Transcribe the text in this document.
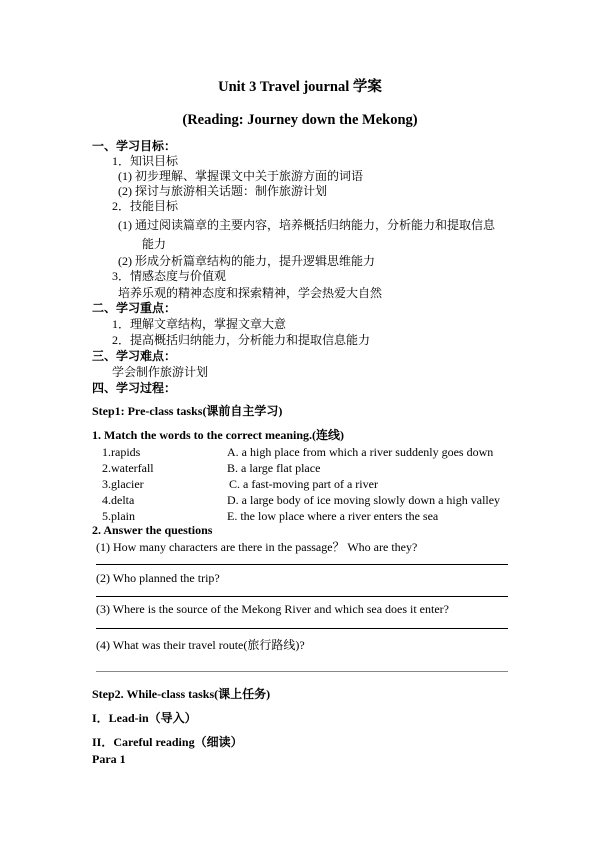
Unit 3 Travel journal 学案
(Reading: Journey down the Mekong)
一、学习目标：
1．知识目标
(1) 初步理解、掌握课文中关于旅游方面的词语
(2) 探讨与旅游相关话题：制作旅游计划
2．技能目标
(1) 通过阅读篇章的主要内容，培养概括归纳能力，分析能力和提取信息
能力
(2) 形成分析篇章结构的能力，提升逻辑思维能力
3．情感态度与价值观
培养乐观的精神态度和探索精神，学会热爱大自然
二、学习重点：
1．理解文章结构，掌握文章大意
2．提高概括归纳能力，分析能力和提取信息能力
三、学习难点：
学会制作旅游计划
四、学习过程：
Step1: Pre-class tasks(课前自主学习)
1. Match the words to the correct meaning.(连线)
1.rapids	A. a high place from which a river suddenly goes down
2.waterfall	B. a large flat place
3.glacier	C. a fast-moving part of a river
4.delta	D. a large body of ice moving slowly down a high valley
5.plain	E. the low place where a river enters the sea
2. Answer the questions
(1) How many characters are there in the passage？ Who are they?
(2) Who planned the trip?
(3) Where is the source of the Mekong River and which sea does it enter?
(4) What was their travel route(旅行路线)?
Step2. While-class tasks(课上任务)
I．Lead-in（导入）
II．Careful reading（细读）
Para 1
